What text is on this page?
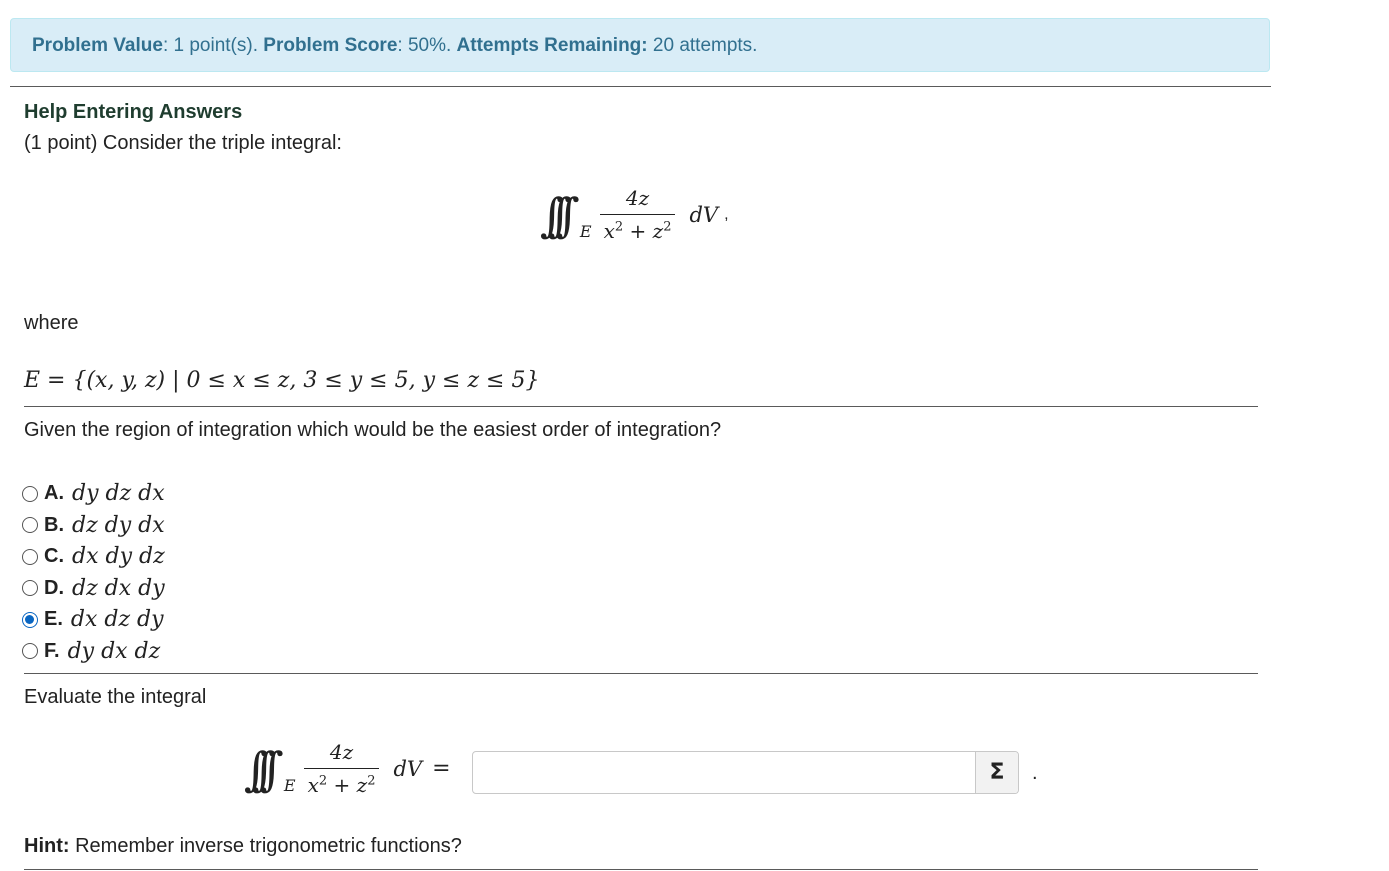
Problem Value: 1 point(s). Problem Score: 50%. Attempts Remaining: 20 attempts.
Help Entering Answers
(1 point) Consider the triple integral:
∫∫∫ E $\frac{4z}{x^2 + z^2}$ dV ,
where
E = {(x, y, z) | 0 ≤ x ≤ z, 3 ≤ y ≤ 5, y ≤ z ≤ 5}
Given the region of integration which would be the easiest order of integration?
A. dy dz dx
B. dz dy dx
C. dx dy dz
D. dz dx dy
E. dx dz dy
F. dy dx dz
Evaluate the integral
∫∫∫ E $\frac{4z}{x^2 + z^2}$ dV =	Σ	.
Hint: Remember inverse trigonometric functions?
